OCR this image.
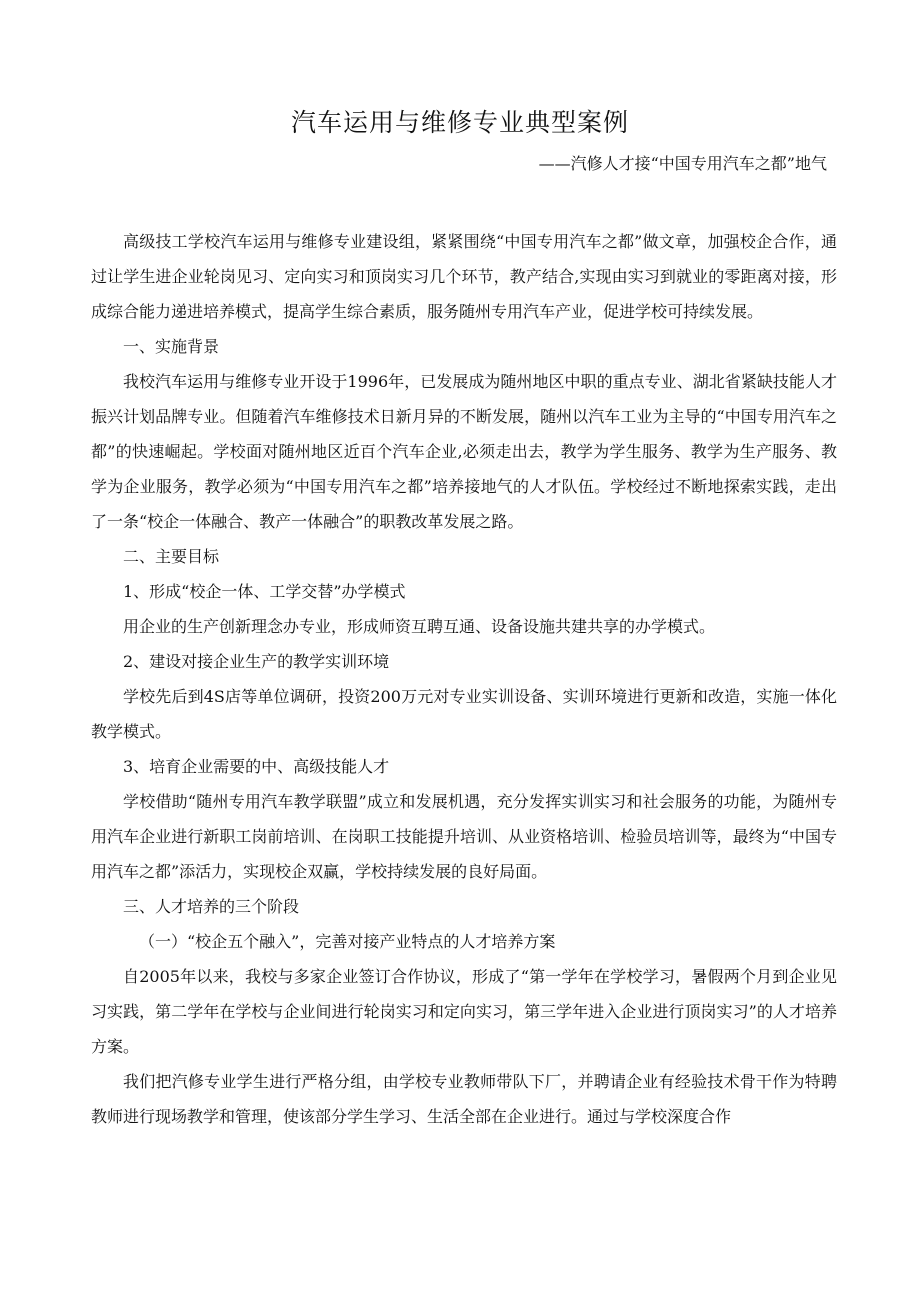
汽车运用与维修专业典型案例
——汽修人才接“中国专用汽车之都”地气

高级技工学校汽车运用与维修专业建设组，紧紧围绕“中国专用汽车之都”做文章，加强校企合作，通过让学生进企业轮岗见习、定向实习和顶岗实习几个环节，教产结合,实现由实习到就业的零距离对接，形成综合能力递进培养模式，提高学生综合素质，服务随州专用汽车产业，促进学校可持续发展。

一、实施背景

我校汽车运用与维修专业开设于1996年，已发展成为随州地区中职的重点专业、湖北省紧缺技能人才振兴计划品牌专业。但随着汽车维修技术日新月异的不断发展，随州以汽车工业为主导的“中国专用汽车之都”的快速崛起。学校面对随州地区近百个汽车企业,必须走出去，教学为学生服务、教学为生产服务、教学为企业服务，教学必须为“中国专用汽车之都”培养接地气的人才队伍。学校经过不断地探索实践，走出了一条“校企一体融合、教产一体融合”的职教改革发展之路。

二、主要目标

1、形成“校企一体、工学交替”办学模式

用企业的生产创新理念办专业，形成师资互聘互通、设备设施共建共享的办学模式。

2、建设对接企业生产的教学实训环境

学校先后到4S店等单位调研，投资200万元对专业实训设备、实训环境进行更新和改造，实施一体化教学模式。

3、培育企业需要的中、高级技能人才

学校借助“随州专用汽车教学联盟”成立和发展机遇，充分发挥实训实习和社会服务的功能，为随州专用汽车企业进行新职工岗前培训、在岗职工技能提升培训、从业资格培训、检验员培训等，最终为“中国专用汽车之都”添活力，实现校企双赢，学校持续发展的良好局面。

三、人才培养的三个阶段

（一）“校企五个融入”，完善对接产业特点的人才培养方案

自2005年以来，我校与多家企业签订合作协议，形成了“第一学年在学校学习，暑假两个月到企业见习实践，第二学年在学校与企业间进行轮岗实习和定向实习，第三学年进入企业进行顶岗实习”的人才培养方案。

我们把汽修专业学生进行严格分组，由学校专业教师带队下厂，并聘请企业有经验技术骨干作为特聘教师进行现场教学和管理，使该部分学生学习、生活全部在企业进行。通过与学校深度合作
